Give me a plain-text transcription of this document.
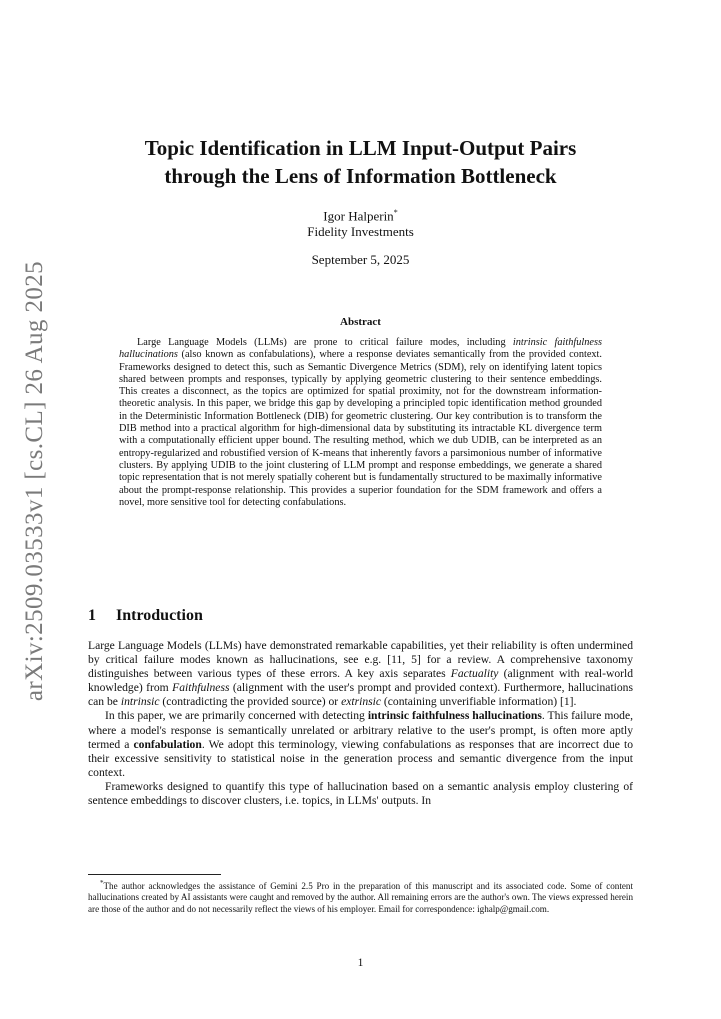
arXiv:2509.03533v1 [cs.CL] 26 Aug 2025
Topic Identification in LLM Input-Output Pairs
through the Lens of Information Bottleneck
Igor Halperin*
Fidelity Investments
September 5, 2025
Abstract

Large Language Models (LLMs) are prone to critical failure modes, including intrinsic faithfulness hallucinations (also known as confabulations), where a response deviates semantically from the provided context. Frameworks designed to detect this, such as Semantic Divergence Metrics (SDM), rely on identifying latent topics shared between prompts and responses, typically by applying geometric clustering to their sentence embeddings. This creates a disconnect, as the topics are optimized for spatial proximity, not for the downstream information-theoretic analysis. In this paper, we bridge this gap by developing a principled topic identification method grounded in the Deterministic Information Bottleneck (DIB) for geometric clustering. Our key contribution is to transform the DIB method into a practical algorithm for high-dimensional data by substituting its intractable KL divergence term with a computationally efficient upper bound. The resulting method, which we dub UDIB, can be interpreted as an entropy-regularized and robustified version of K-means that inherently favors a parsimonious number of informative clusters. By applying UDIB to the joint clustering of LLM prompt and response embeddings, we generate a shared topic representation that is not merely spatially coherent but is fundamentally structured to be maximally informative about the prompt-response relationship. This provides a superior foundation for the SDM framework and offers a novel, more sensitive tool for detecting confabulations.

1 Introduction

Large Language Models (LLMs) have demonstrated remarkable capabilities, yet their reliability is often undermined by critical failure modes known as hallucinations, see e.g. [11, 5] for a review. A comprehensive taxonomy distinguishes between various types of these errors. A key axis separates Factuality (alignment with real-world knowledge) from Faithfulness (alignment with the user's prompt and provided context). Furthermore, hallucinations can be intrinsic (contradicting the provided source) or extrinsic (containing unverifiable information) [1].

In this paper, we are primarily concerned with detecting intrinsic faithfulness hallucinations. This failure mode, where a model's response is semantically unrelated or arbitrary relative to the user's prompt, is often more aptly termed a confabulation. We adopt this terminology, viewing confabulations as responses that are incorrect due to their excessive sensitivity to statistical noise in the generation process and semantic divergence from the input context.

Frameworks designed to quantify this type of hallucination based on a semantic analysis employ clustering of sentence embeddings to discover clusters, i.e. topics, in LLMs' outputs. In

*The author acknowledges the assistance of Gemini 2.5 Pro in the preparation of this manuscript and its associated code. Some of content hallucinations created by AI assistants were caught and removed by the author. All remaining errors are the author's own. The views expressed herein are those of the author and do not necessarily reflect the views of his employer. Email for correspondence: ighalp@gmail.com.

1
